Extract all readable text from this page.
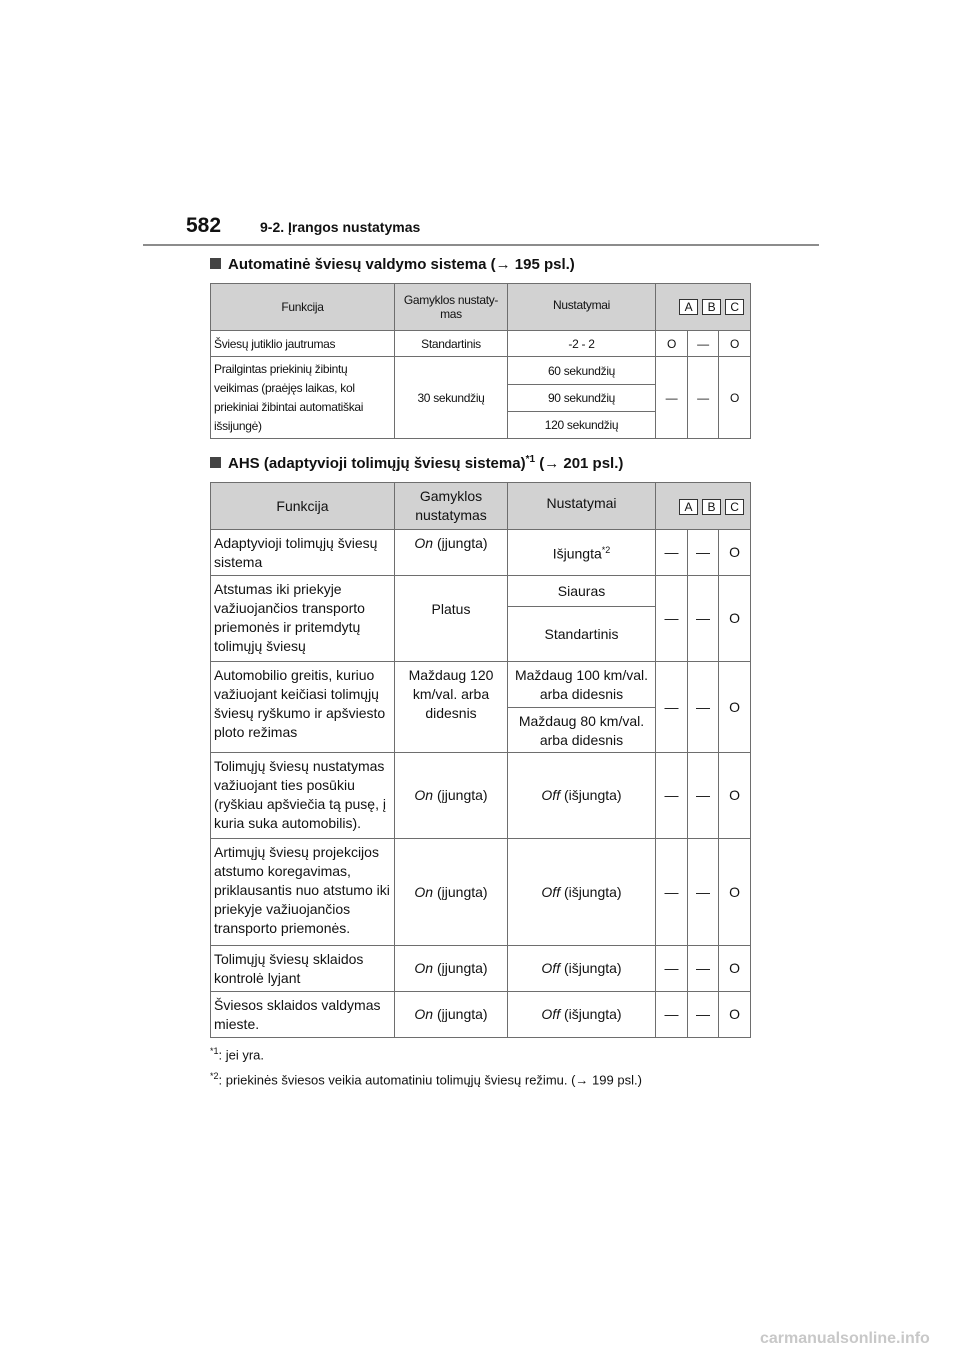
582	9-2. Įrangos nustatymas
Automatinė šviesų valdymo sistema (→ 195 psl.)
Funkcija	Gamyklos nustaty-mas	Nustatymai	A B C		
Šviesų jutiklio jautrumas	Standartinis	-2 - 2	O	—	O
Prailgintas priekinių žibintų veikimas (praėjęs laikas, kol priekiniai žibintai automatiškai išsijungė)	30 sekundžių	60 sekundžių	—	—	O
		90 sekundžių			
		120 sekundžių			
AHS (adaptyvioji tolimųjų šviesų sistema)$^{*1}$ (→ 201 psl.)
Funkcija	Gamyklos nustatymas	Nustatymai	A B C		
Adaptyvioji tolimųjų šviesų sistema	On (įjungta)	Išjungta$^{*2}$	—	—	O
Atstumas iki priekyje važiuojančios transporto priemonės ir pritemdytų tolimųjų šviesų	Platus	Siauras	—	—	O
		Standartinis			
Automobilio greitis, kuriuo važiuojant keičiasi tolimųjų šviesų ryškumo ir apšviesto ploto režimas	Maždaug 120 km/val. arba didesnis	Maždaug 100 km/val. arba didesnis	—	—	O
		Maždaug 80 km/val. arba didesnis			
Tolimųjų šviesų nustatymas važiuojant ties posūkiu (ryškiau apšviečia tą pusę, į kuria suka automobilis).	On (įjungta)	Off (išjungta)	—	—	O
Artimųjų šviesų projekcijos atstumo koregavimas, priklausantis nuo atstumo iki priekyje važiuojančios transporto priemonės.	On (įjungta)	Off (išjungta)	—	—	O
Tolimųjų šviesų sklaidos kontrolė lyjant	On (įjungta)	Off (išjungta)	—	—	O
Šviesos sklaidos valdymas mieste.	On (įjungta)	Off (išjungta)	—	—	O
$^{*1}$: jei yra.
$^{*2}$: priekinės šviesos veikia automatiniu tolimųjų šviesų režimu. (→ 199 psl.)
carmanualsonline.info
